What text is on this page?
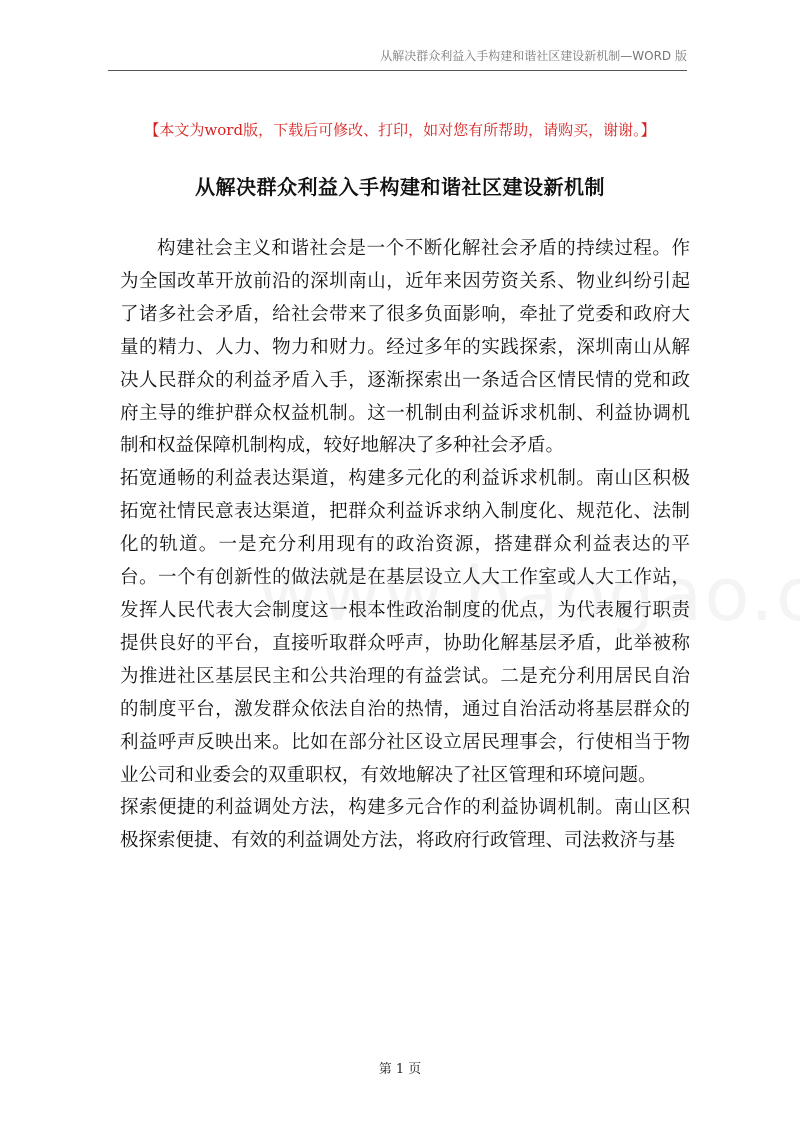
从解决群众利益入手构建和谐社区建设新机制—WORD 版
【本文为word版，下载后可修改、打印，如对您有所帮助，请购买，谢谢。】
从解决群众利益入手构建和谐社区建设新机制

构建社会主义和谐社会是一个不断化解社会矛盾的持续过程。作为全国改革开放前沿的深圳南山，近年来因劳资关系、物业纠纷引起了诸多社会矛盾，给社会带来了很多负面影响，牵扯了党委和政府大量的精力、人力、物力和财力。经过多年的实践探索，深圳南山从解决人民群众的利益矛盾入手，逐渐探索出一条适合区情民情的党和政府主导的维护群众权益机制。这一机制由利益诉求机制、利益协调机制和权益保障机制构成，较好地解决了多种社会矛盾。

拓宽通畅的利益表达渠道，构建多元化的利益诉求机制。南山区积极拓宽社情民意表达渠道，把群众利益诉求纳入制度化、规范化、法制化的轨道。一是充分利用现有的政治资源，搭建群众利益表达的平台。一个有创新性的做法就是在基层设立人大工作室或人大工作站，发挥人民代表大会制度这一根本性政治制度的优点，为代表履行职责提供良好的平台，直接听取群众呼声，协助化解基层矛盾，此举被称为推进社区基层民主和公共治理的有益尝试。二是充分利用居民自治的制度平台，激发群众依法自治的热情，通过自治活动将基层群众的利益呼声反映出来。比如在部分社区设立居民理事会，行使相当于物业公司和业委会的双重职权，有效地解决了社区管理和环境问题。

探索便捷的利益调处方法，构建多元合作的利益协调机制。南山区积极探索便捷、有效的利益调处方法，将政府行政管理、司法救济与基

第 1 页
